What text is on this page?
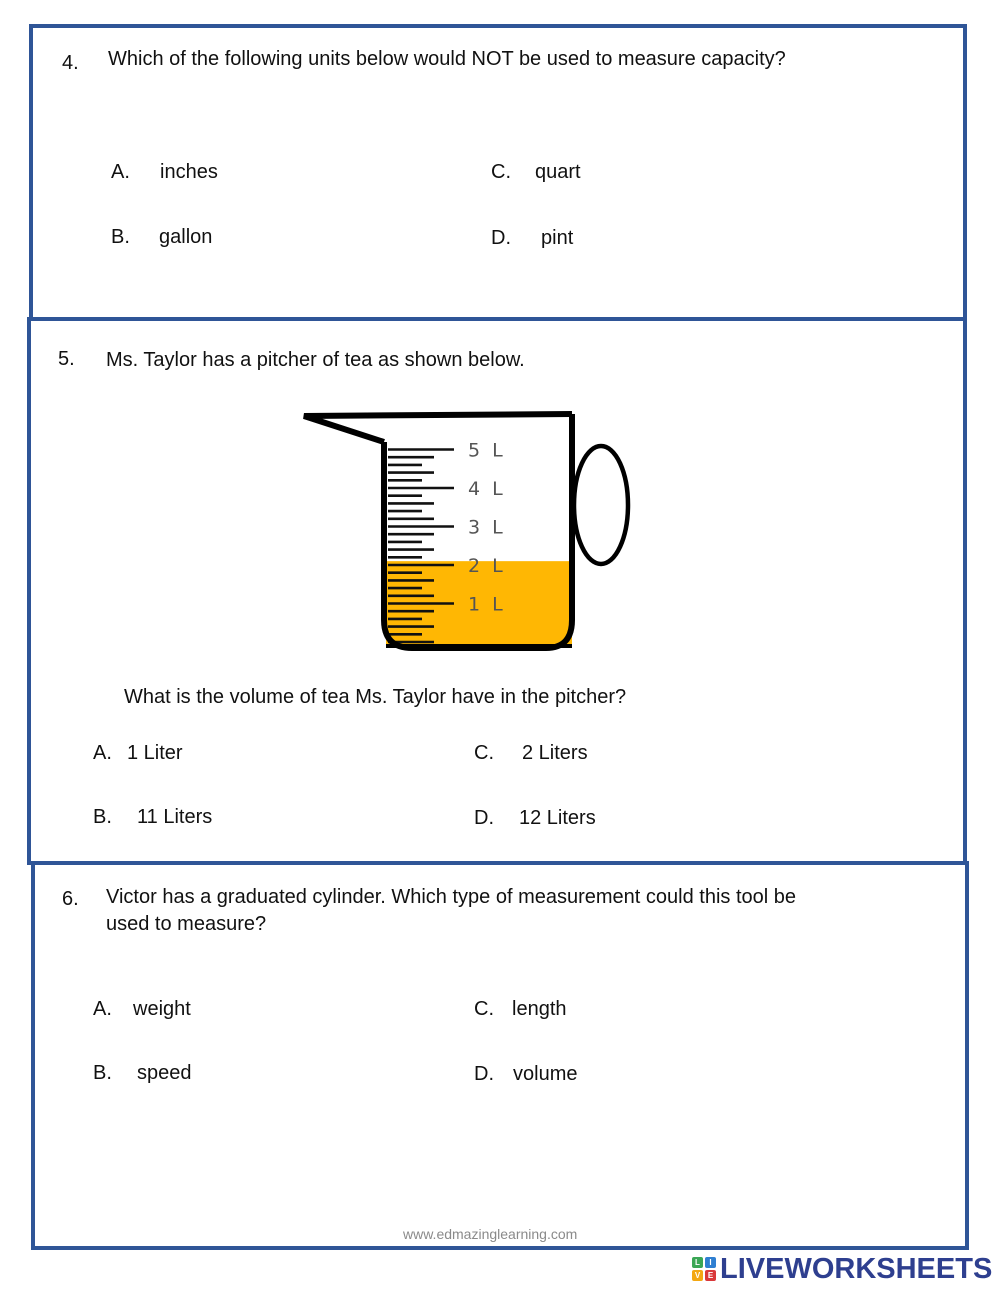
4. Which of the following units below would NOT be used to measure capacity?
A. inches
B. gallon
C. quart
D. pint
5. Ms. Taylor has a pitcher of tea as shown below.
5 L
4 L
3 L
2 L
1 L
What is the volume of tea Ms. Taylor have in the pitcher?
A. 1 Liter
B. 11 Liters
C. 2 Liters
D. 12 Liters
6. Victor has a graduated cylinder. Which type of measurement could this tool be
used to measure?
A. weight
B. speed
C. length
D. volume
www.edmazinglearning.com
L	I
V E LIVEWORKSHEETS
